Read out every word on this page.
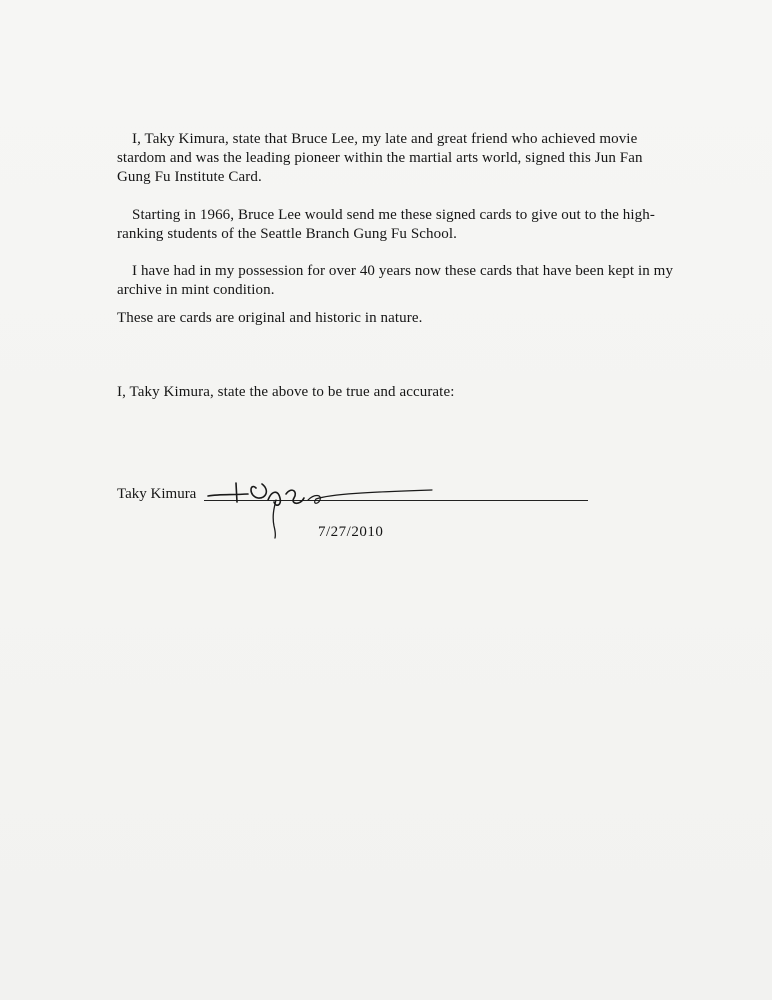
I, Taky Kimura, state that Bruce Lee, my late and great friend who achieved movie stardom and was the leading pioneer within the martial arts world, signed this Jun Fan Gung Fu Institute Card.

Starting in 1966, Bruce Lee would send me these signed cards to give out to the high-ranking students of the Seattle Branch Gung Fu School.

I have had in my possession for over 40 years now these cards that have been kept in my archive in mint condition.

These are cards are original and historic in nature.

I, Taky Kimura, state the above to be true and accurate:

Taky Kimura
7/27/2010
